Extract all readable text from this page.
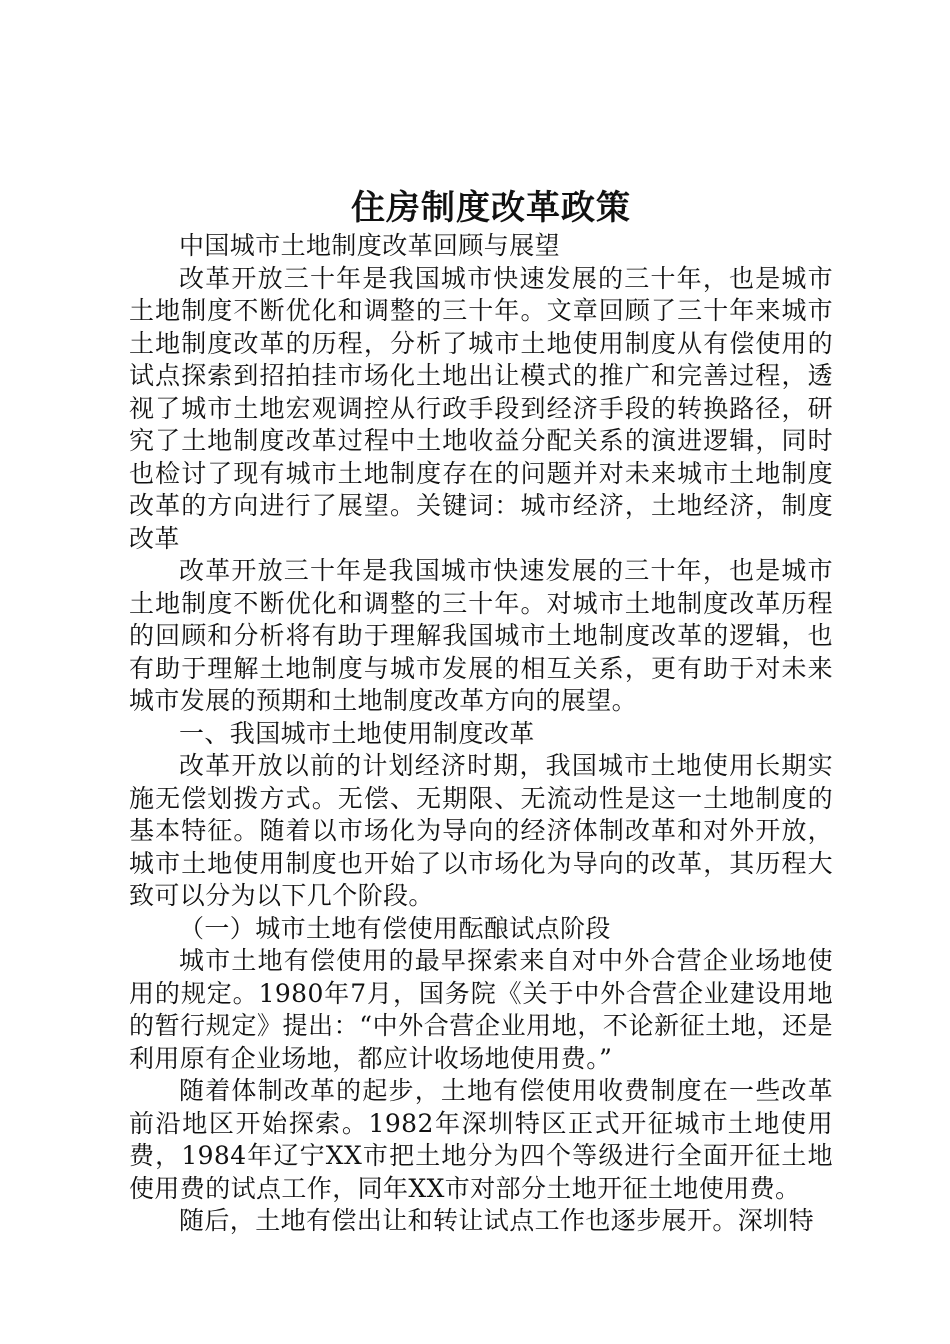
住房制度改革政策

中国城市土地制度改革回顾与展望

改革开放三十年是我国城市快速发展的三十年，也是城市土地制度不断优化和调整的三十年。文章回顾了三十年来城市土地制度改革的历程，分析了城市土地使用制度从有偿使用的试点探索到招拍挂市场化土地出让模式的推广和完善过程，透视了城市土地宏观调控从行政手段到经济手段的转换路径，研究了土地制度改革过程中土地收益分配关系的演进逻辑，同时也检讨了现有城市土地制度存在的问题并对未来城市土地制度改革的方向进行了展望。关键词：城市经济，土地经济，制度改革

改革开放三十年是我国城市快速发展的三十年，也是城市土地制度不断优化和调整的三十年。对城市土地制度改革历程的回顾和分析将有助于理解我国城市土地制度改革的逻辑，也有助于理解土地制度与城市发展的相互关系，更有助于对未来城市发展的预期和土地制度改革方向的展望。

一、我国城市土地使用制度改革

改革开放以前的计划经济时期，我国城市土地使用长期实施无偿划拨方式。无偿、无期限、无流动性是这一土地制度的基本特征。随着以市场化为导向的经济体制改革和对外开放，城市土地使用制度也开始了以市场化为导向的改革，其历程大致可以分为以下几个阶段。

（一）城市土地有偿使用酝酿试点阶段

城市土地有偿使用的最早探索来自对中外合营企业场地使用的规定。1980年7月，国务院《关于中外合营企业建设用地的暂行规定》提出：“中外合营企业用地，不论新征土地，还是利用原有企业场地，都应计收场地使用费。”

随着体制改革的起步，土地有偿使用收费制度在一些改革前沿地区开始探索。1982年深圳特区正式开征城市土地使用费，1984年辽宁XX市把土地分为四个等级进行全面开征土地使用费的试点工作，同年XX市对部分土地开征土地使用费。

随后，土地有偿出让和转让试点工作也逐步展开。深圳特
